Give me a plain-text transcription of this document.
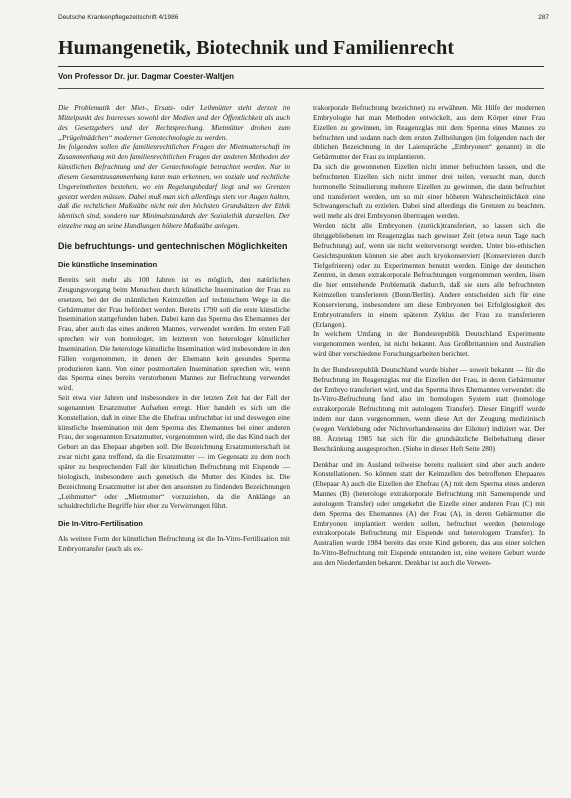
Deutsche Krankenpflegezeitschrift 4/1986	287
Humangenetik, Biotechnik und Familienrecht
Von Professor Dr. jur. Dagmar Coester-Waltjen

Die Problematik der Miet-, Ersatz- oder Leihmütter steht derzeit im Mittelpunkt des Interesses sowohl der Medien und der Öffentlichkeit als auch des Gesetzgebers und der Rechtsprechung. Mietmütter drohen zum „Prügelmädchen“ moderner Genotechnologie zu werden.

Im folgenden sollen die familienrechtlichen Fragen der Mietmutterschaft im Zusammenhang mit den familienrechtlichen Fragen der anderen Methoden der künstlichen Befruchtung und der Gentechnologie betrachtet werden. Nur in diesem Gesamtzusammenhang kann man erkennen, wo soziale und rechtliche Ungereimtheiten bestehen, wo ein Regelungsbedarf liegt und wo Grenzen gesetzt werden müssen. Dabei muß man sich allerdings stets vor Augen halten, daß die rechtlichen Maßstäbe nicht mit den höchsten Grundsätzen der Ethik identisch sind, sondern nur Minimalstandards der Sozialethik darstellen. Der einzelne mag an seine Handlungen höhere Maßstäbe anlegen.

Die befruchtungs- und gentechnischen Möglichkeiten
Die künstliche Insemination

Bereits seit mehr als 100 Jahren ist es möglich, den natürlichen Zeugungsvorgang beim Menschen durch künstliche Insemination der Frau zu ersetzen, bei der die männlichen Keimzellen auf technischem Wege in die Gebärmutter der Frau befördert werden. Bereits 1790 soll die erste künstliche Insemination stattgefunden haben. Dabei kann das Sperma des Ehemannes der Frau, aber auch das eines anderen Mannes, verwendet werden. Im ersten Fall sprechen wir von homologer, im letzteren von heterologer künstlicher Insemination. Die heterologe künstliche Insemination wird insbesondere in den Fällen vorgenommen, in denen der Ehemann kein gesundes Sperma produzieren kann. Von einer postmortalen Insemination sprechen wir, wenn das Sperma eines bereits verstorbenen Mannes zur Befruchtung verwendet wird.

Seit etwa vier Jahren und insbesondere in der letzten Zeit hat der Fall der sogenannten Ersatzmutter Aufsehen erregt. Hier handelt es sich um die Konstellation, daß in einer Ehe die Ehefrau unfruchtbar ist und deswegen eine künstliche Insemination mit dem Sperma des Ehemannes bei einer anderen Frau, der sogenannten Ersatzmutter, vorgenommen wird, die das Kind nach der Geburt an das Ehepaar abgeben soll. Die Bezeichnung Ersatzmutterschaft ist zwar nicht ganz treffend, da die Ersatzmutter — im Gegensatz zu dem noch später zu besprechenden Fall der künstlichen Befruchtung mit Eispende — biologisch, insbesondere auch genetisch die Mutter des Kindes ist. Die Bezeichnung Ersatzmutter ist aber den ansonsten zu findenden Bezeichnungen „Leihmutter“ oder „Mietmutter“ vorzuziehen, da die Anklänge an schuldrechtliche Begriffe hier eher zu Verwirrungen führt.

Die In-Vitro-Fertilisation

Als weitere Form der künstlichen Befruchtung ist die In-Vitro-Fertilisation mit Embryotransfer (auch als ex-

trakorporale Befruchtung bezeichnet) zu erwähnen. Mit Hilfe der modernen Embryologie hat man Methoden entwickelt, aus dem Körper einer Frau Eizellen zu gewinnen, im Reagenzglas mit dem Sperma eines Mannes zu befruchten und sodann nach dem ersten Zellteilungen (im folgenden nach der üblichen Bezeichnung in der Laienspräche „Embryonen“ genannt) in die Gebärmutter der Frau zu implantieren.

Da sich die gewonnenen Eizellen nicht immer befruchten lassen, und die befruchteten Eizellen sich nicht immer drei teilen, versucht man, durch hormonelle Stimulierung mehrere Eizellen zu gewinnen, die dann befruchtet und transferiert werden, um so mit einer höheren Wahrscheinlichkeit eine Schwangerschaft zu erzielen. Dabei sind allerdings die Grenzen zu beachten, weil mehr als drei Embryonen übertragen werden.

Werden nicht alle Embryonen (zurück)transferiert, so lassen sich die übriggebliebenen im Reagenzglas nach gewisser Zeit (etwa neun Tage nach Befruchtung) auf, wenn sie nicht weiterversorgt werden. Unter bio-ethischen Gesichtspunkten können sie aber auch kryokonserviert (Konservieren durch Tiefgefrieren) oder zu Experimenten benutzt werden. Einige der deutschen Zentren, in denen extrakorporale Befruchtungen vorgenommen werden, lösen die hier entstehende Problematik dadurch, daß sie stets alle befruchteten Keimzellen transferieren (Bonn/Berlin). Andere entscheiden sich für eine Konservierung, insbesondere um diese Embryonen bei Erfolglosigkeit des Embryotransfers in einem späteren Zyklus der Frau zu transferieren (Erlangen).

In welchem Umfang in der Bundesrepublik Deutschland Experimente vorgenommen werden, ist nicht bekannt. Aus Großbritannien und Australien wird über verschiedene Forschungsarbeiten berichtet.

In der Bundesrepublik Deutschland wurde bisher — soweit bekannt — für die Befruchtung im Reagenzglas nur die Eizellen der Frau, in deren Gebärmutter der Embryo transferiert wird, und das Sperma ihres Ehemannes verwendet: die In-Vitro-Befruchtung fand also im homologen System statt (homologe extrakorporale Befruchtung mit autologem Transfer). Dieser Eingriff wurde indem nur dann vorgenommen, wenn diese Art der Zeugung medizinisch (wegen Verklebung oder Nichtvorhandenseins der Eileiter) indiziert war. Der 88. Ärztetag 1985 hat sich für die grundsätzliche Beibehaltung dieser Beschränkung ausgesprochen. (Siehe in dieser Heft Seite 280)

Denkbar und im Ausland teilweise bereits realisiert sind aber auch andere Konstellationen. So können statt der Keimzellen des betroffenen Ehepaares (Ehepaar A) auch die Eizellen der Ehefrau (A) mit dem Sperma eines anderen Mannes (B) (heterologe extrakorporale Befruchtung mit Samenspende und autologem Transfer) oder umgekehrt die Eizelle einer anderen Frau (C) mit dem Sperma des Ehemannes (A) der Frau (A), in deren Gebärmutter die Embryonen implantiert werden sollen, befruchtet werden (heterologe extrakorporale Befruchtung mit Eispende und heterologem Transfer). In Australien wurde 1984 bereits das erste Kind geboren, das aus einer solchen In-Vitro-Befruchtung mit Eispende entstanden ist, eine weitere Geburt wurde aus den Niederlanden bekannt. Denkbar ist auch die Verwen-
